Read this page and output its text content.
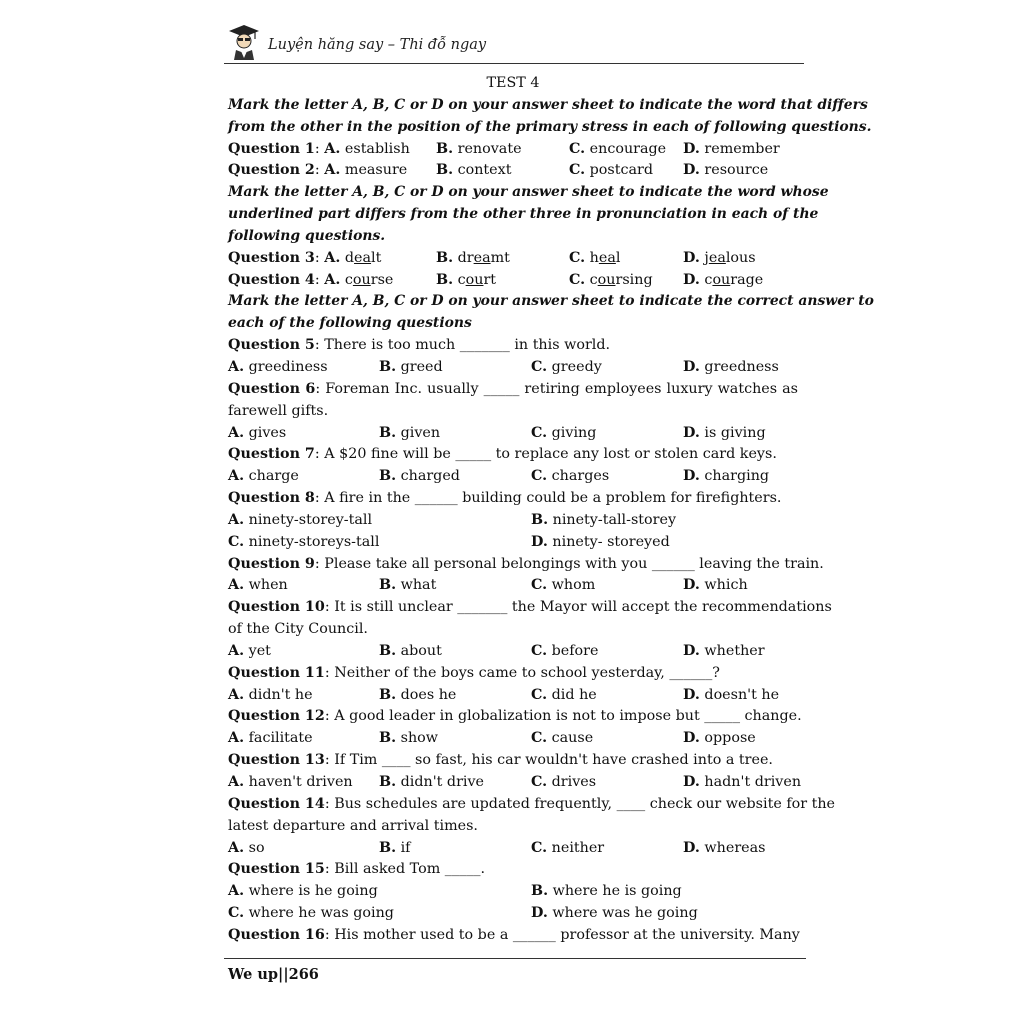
Luyện hăng say – Thi đỗ ngay
TEST 4
Mark the letter A, B, C or D on your answer sheet to indicate the word that differs
from the other in the position of the primary stress in each of following questions.
Question 1: A. establish B. renovate	C. encourage D. remember
Question 2: A. measure B. context	C. postcard D. resource
Mark the letter A, B, C or D on your answer sheet to indicate the word whose
underlined part differs from the other three in pronunciation in each of the
following questions.
Question 3: A. dealt	B. dreamt	C. heal	D. jealous
Question 4: A. course	B. court	C. coursing D. courage
Mark the letter A, B, C or D on your answer sheet to indicate the correct answer to
each of the following questions
Question 5: There is too much _______ in this world.
A. greediness	B. greed	C. greedy	D. greedness
Question 6: Foreman Inc. usually _____ retiring employees luxury watches as
farewell gifts.
A. gives	B. given	C. giving	D. is giving
Question 7: A $20 fine will be _____ to replace any lost or stolen card keys.
A. charge	B. charged	C. charges	D. charging
Question 8: A fire in the ______ building could be a problem for firefighters.
A. ninety-storey-tall	B. ninety-tall-storey
C. ninety-storeys-tall	D. ninety- storeyed
Question 9: Please take all personal belongings with you ______ leaving the train.
A. when	B. what	C. whom	D. which
Question 10: It is still unclear _______ the Mayor will accept the recommendations
of the City Council.
A. yet	B. about	C. before	D. whether
Question 11: Neither of the boys came to school yesterday, ______?
A. didn't he	B. does he	C. did he	D. doesn't he
Question 12: A good leader in globalization is not to impose but _____ change.
A. facilitate	B. show	C. cause	D. oppose
Question 13: If Tim ____ so fast, his car wouldn't have crashed into a tree.
A. haven't driven B. didn't drive	C. drives	D. hadn't driven
Question 14: Bus schedules are updated frequently, ____ check our website for the
latest departure and arrival times.
A. so	B. if	C. neither	D. whereas
Question 15: Bill asked Tom _____.
A. where is he going	B. where he is going
C. where he was going	D. where was he going
Question 16: His mother used to be a ______ professor at the university. Many
We up||266
